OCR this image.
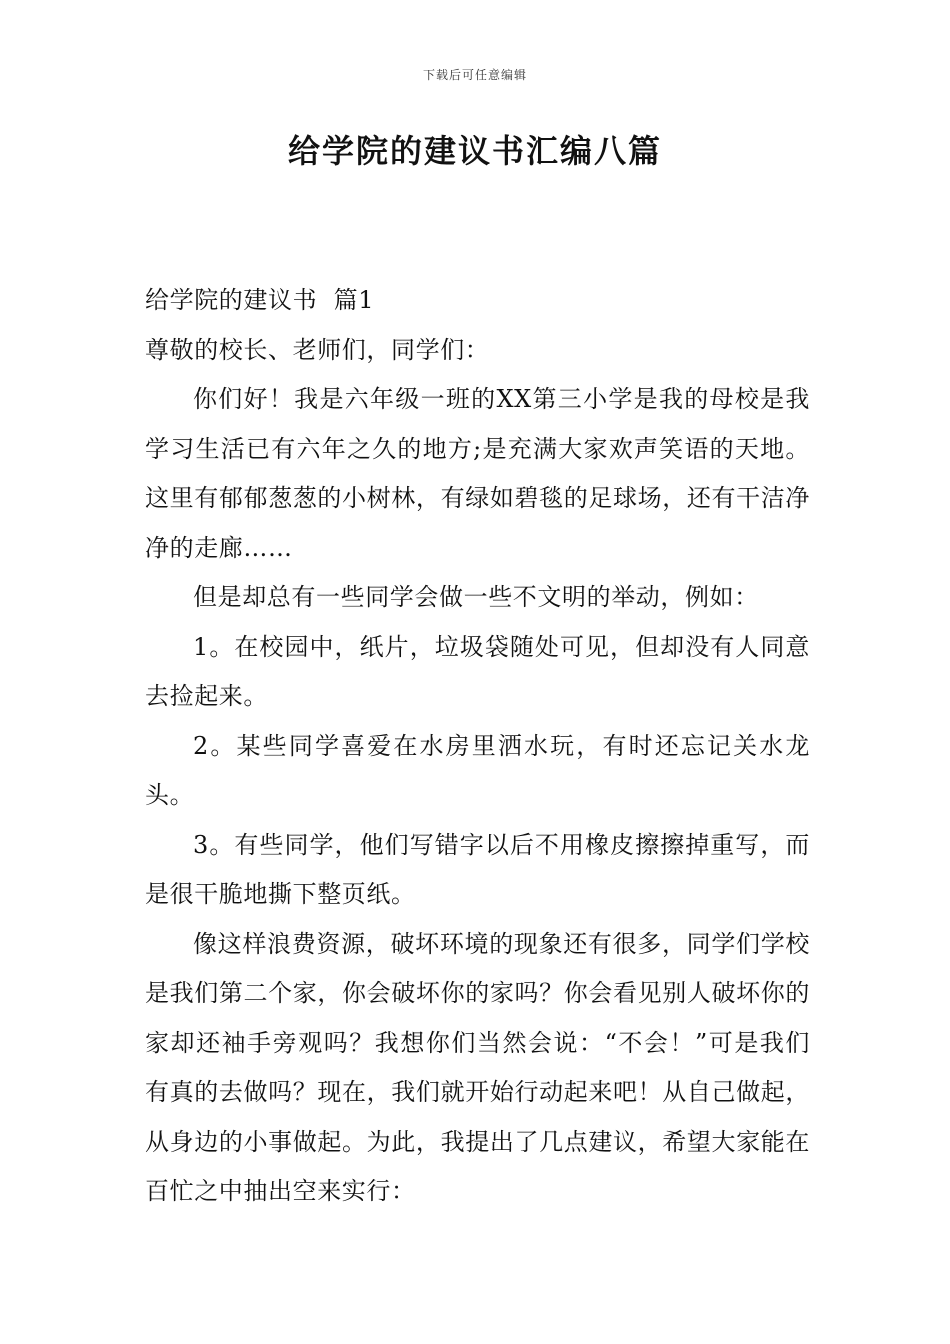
下载后可任意编辑
给学院的建议书汇编八篇

给学院的建议书  篇1

尊敬的校长、老师们，同学们：

你们好！我是六年级一班的XX第三小学是我的母校是我学习生活已有六年之久的地方;是充满大家欢声笑语的天地。这里有郁郁葱葱的小树林，有绿如碧毯的足球场，还有干洁净净的走廊……

但是却总有一些同学会做一些不文明的举动，例如：

1。在校园中，纸片，垃圾袋随处可见，但却没有人同意去捡起来。

2。某些同学喜爱在水房里洒水玩，有时还忘记关水龙头。

3。有些同学，他们写错字以后不用橡皮擦擦掉重写，而是很干脆地撕下整页纸。

像这样浪费资源，破坏环境的现象还有很多，同学们学校是我们第二个家，你会破坏你的家吗？你会看见别人破坏你的家却还袖手旁观吗？我想你们当然会说：“不会！”可是我们有真的去做吗？现在，我们就开始行动起来吧！从自己做起，从身边的小事做起。为此，我提出了几点建议，希望大家能在百忙之中抽出空来实行：
